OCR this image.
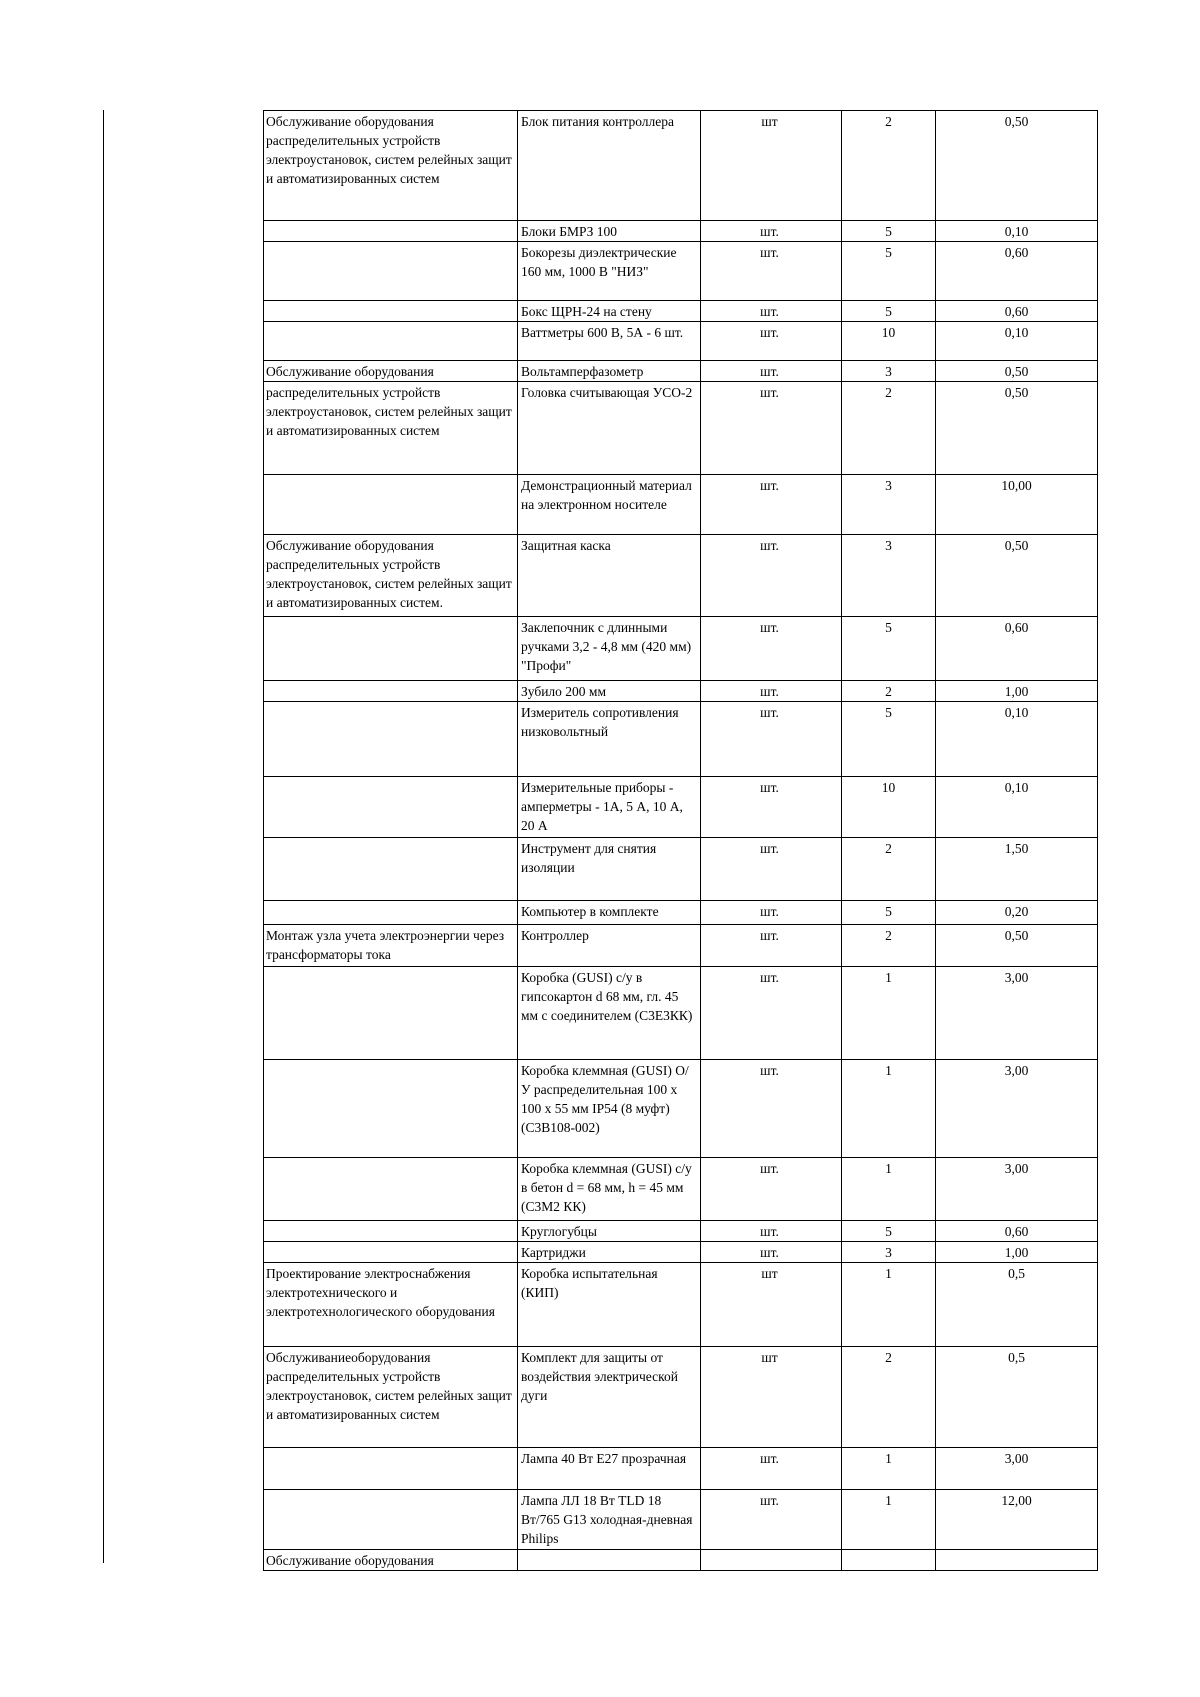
Обслуживание оборудования распределительных устройств электроустановок, систем релейных защит и автоматизированных систем	Блок питания контроллера	шт	2	0,50
	Блоки БМРЗ 100	шт.	5	0,10
	Бокорезы диэлектрические 160 мм, 1000 В "НИЗ"	шт.	5	0,60
	Бокс ЩРН-24 на стену	шт.	5	0,60
	Ваттметры 600 В, 5А - 6 шт.	шт.	10	0,10
Обслуживание оборудования	Вольтамперфазометр	шт.	3	0,50
распределительных устройств электроустановок, систем релейных защит и автоматизированных систем	Головка считывающая УСО-2	шт.	2	0,50
	Демонстрационный материал на электронном носителе	шт.	3	10,00
Обслуживание оборудования распределительных устройств электроустановок, систем релейных защит и автоматизированных систем.	Защитная каска	шт.	3	0,50
	Заклепочник с длинными ручками 3,2 - 4,8 мм (420 мм) "Профи"	шт.	5	0,60
	Зубило 200 мм	шт.	2	1,00
	Измеритель сопротивления низковольтный	шт.	5	0,10
	Измерительные приборы - амперметры - 1А, 5 А, 10 А, 20 А	шт.	10	0,10
	Инструмент для снятия изоляции	шт.	2	1,50
	Компьютер в комплекте	шт.	5	0,20
Монтаж узла учета электроэнергии через трансформаторы тока	Контроллер	шт.	2	0,50
	Коробка (GUSI) с/у в гипсокартон d 68 мм, гл. 45 мм с соединителем (С3Е3КК)	шт.	1	3,00
	Коробка клеммная (GUSI) О/У распределительная 100 х 100 х 55 мм IP54 (8 муфт) (С3В108-002)	шт.	1	3,00
	Коробка клеммная (GUSI) с/у в бетон d = 68 мм, h = 45 мм (С3М2 КК)	шт.	1	3,00
	Круглогубцы	шт.	5	0,60
	Картриджи	шт.	3	1,00
Проектирование электроснабжения электротехнического и электротехнологического оборудования	Коробка испытательная (КИП)	шт	1	0,5
Обслуживаниеоборудования распределительных устройств электроустановок, систем релейных защит и автоматизированных систем	Комплект для защиты от воздействия электрической дуги	шт	2	0,5
	Лампа 40 Вт Е27 прозрачная	шт.	1	3,00
	Лампа ЛЛ 18 Вт TLD 18 Вт/765 G13 холодная-дневная Philips	шт.	1	12,00
Обслуживание оборудования				
